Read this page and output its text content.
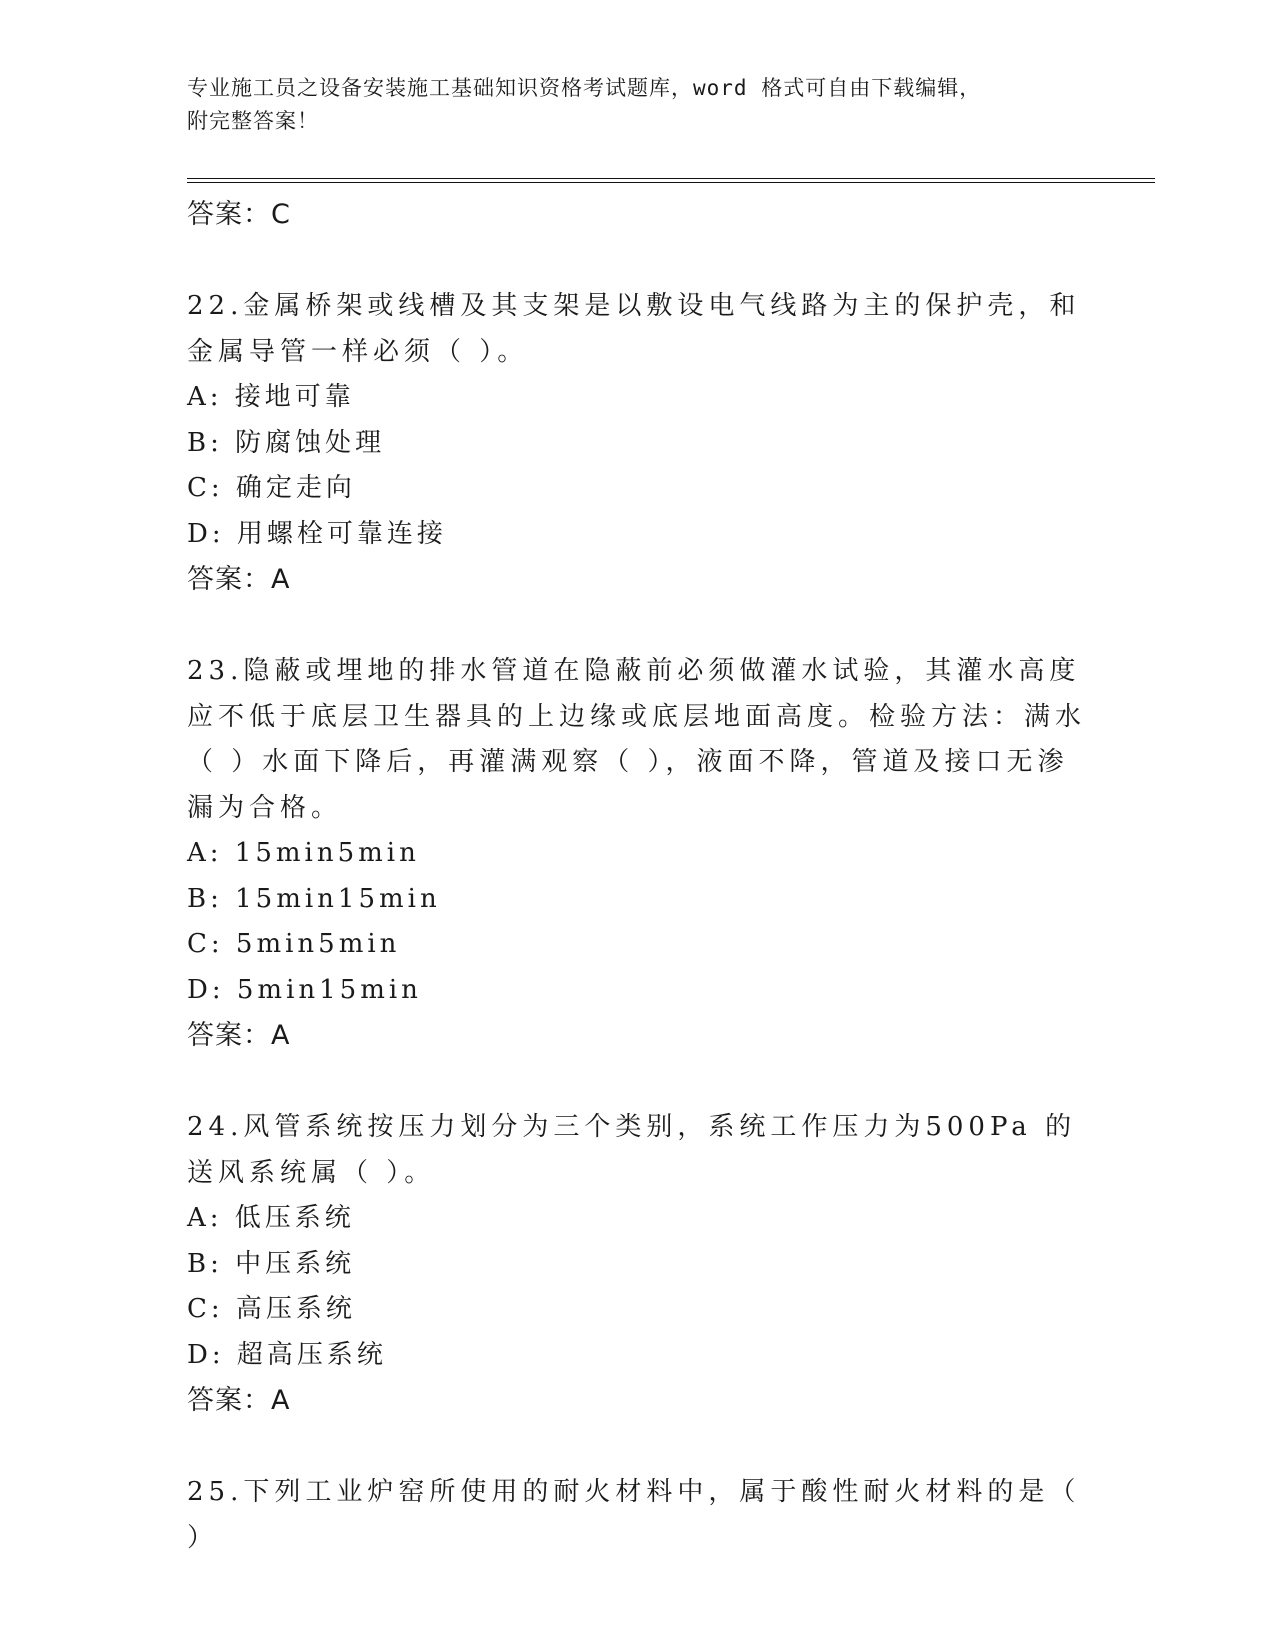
专业施工员之设备安装施工基础知识资格考试题库，word 格式可自由下载编辑，
附完整答案！
答案：C
22.金属桥架或线槽及其支架是以敷设电气线路为主的保护壳，和金属导管一样必须（ ）。
A: 接地可靠
B: 防腐蚀处理
C: 确定走向
D: 用螺栓可靠连接
答案：A
23.隐蔽或埋地的排水管道在隐蔽前必须做灌水试验，其灌水高度应不低于底层卫生器具的上边缘或底层地面高度。检验方法：满水（ ）水面下降后，再灌满观察（ ），液面不降，管道及接口无渗漏为合格。
A: 15min5min
B: 15min15min
C: 5min5min
D: 5min15min
答案：A
24.风管系统按压力划分为三个类别，系统工作压力为500Pa 的送风系统属（ ）。
A: 低压系统
B: 中压系统
C: 高压系统
D: 超高压系统
答案：A
25.下列工业炉窑所使用的耐火材料中，属于酸性耐火材料的是（ ）
